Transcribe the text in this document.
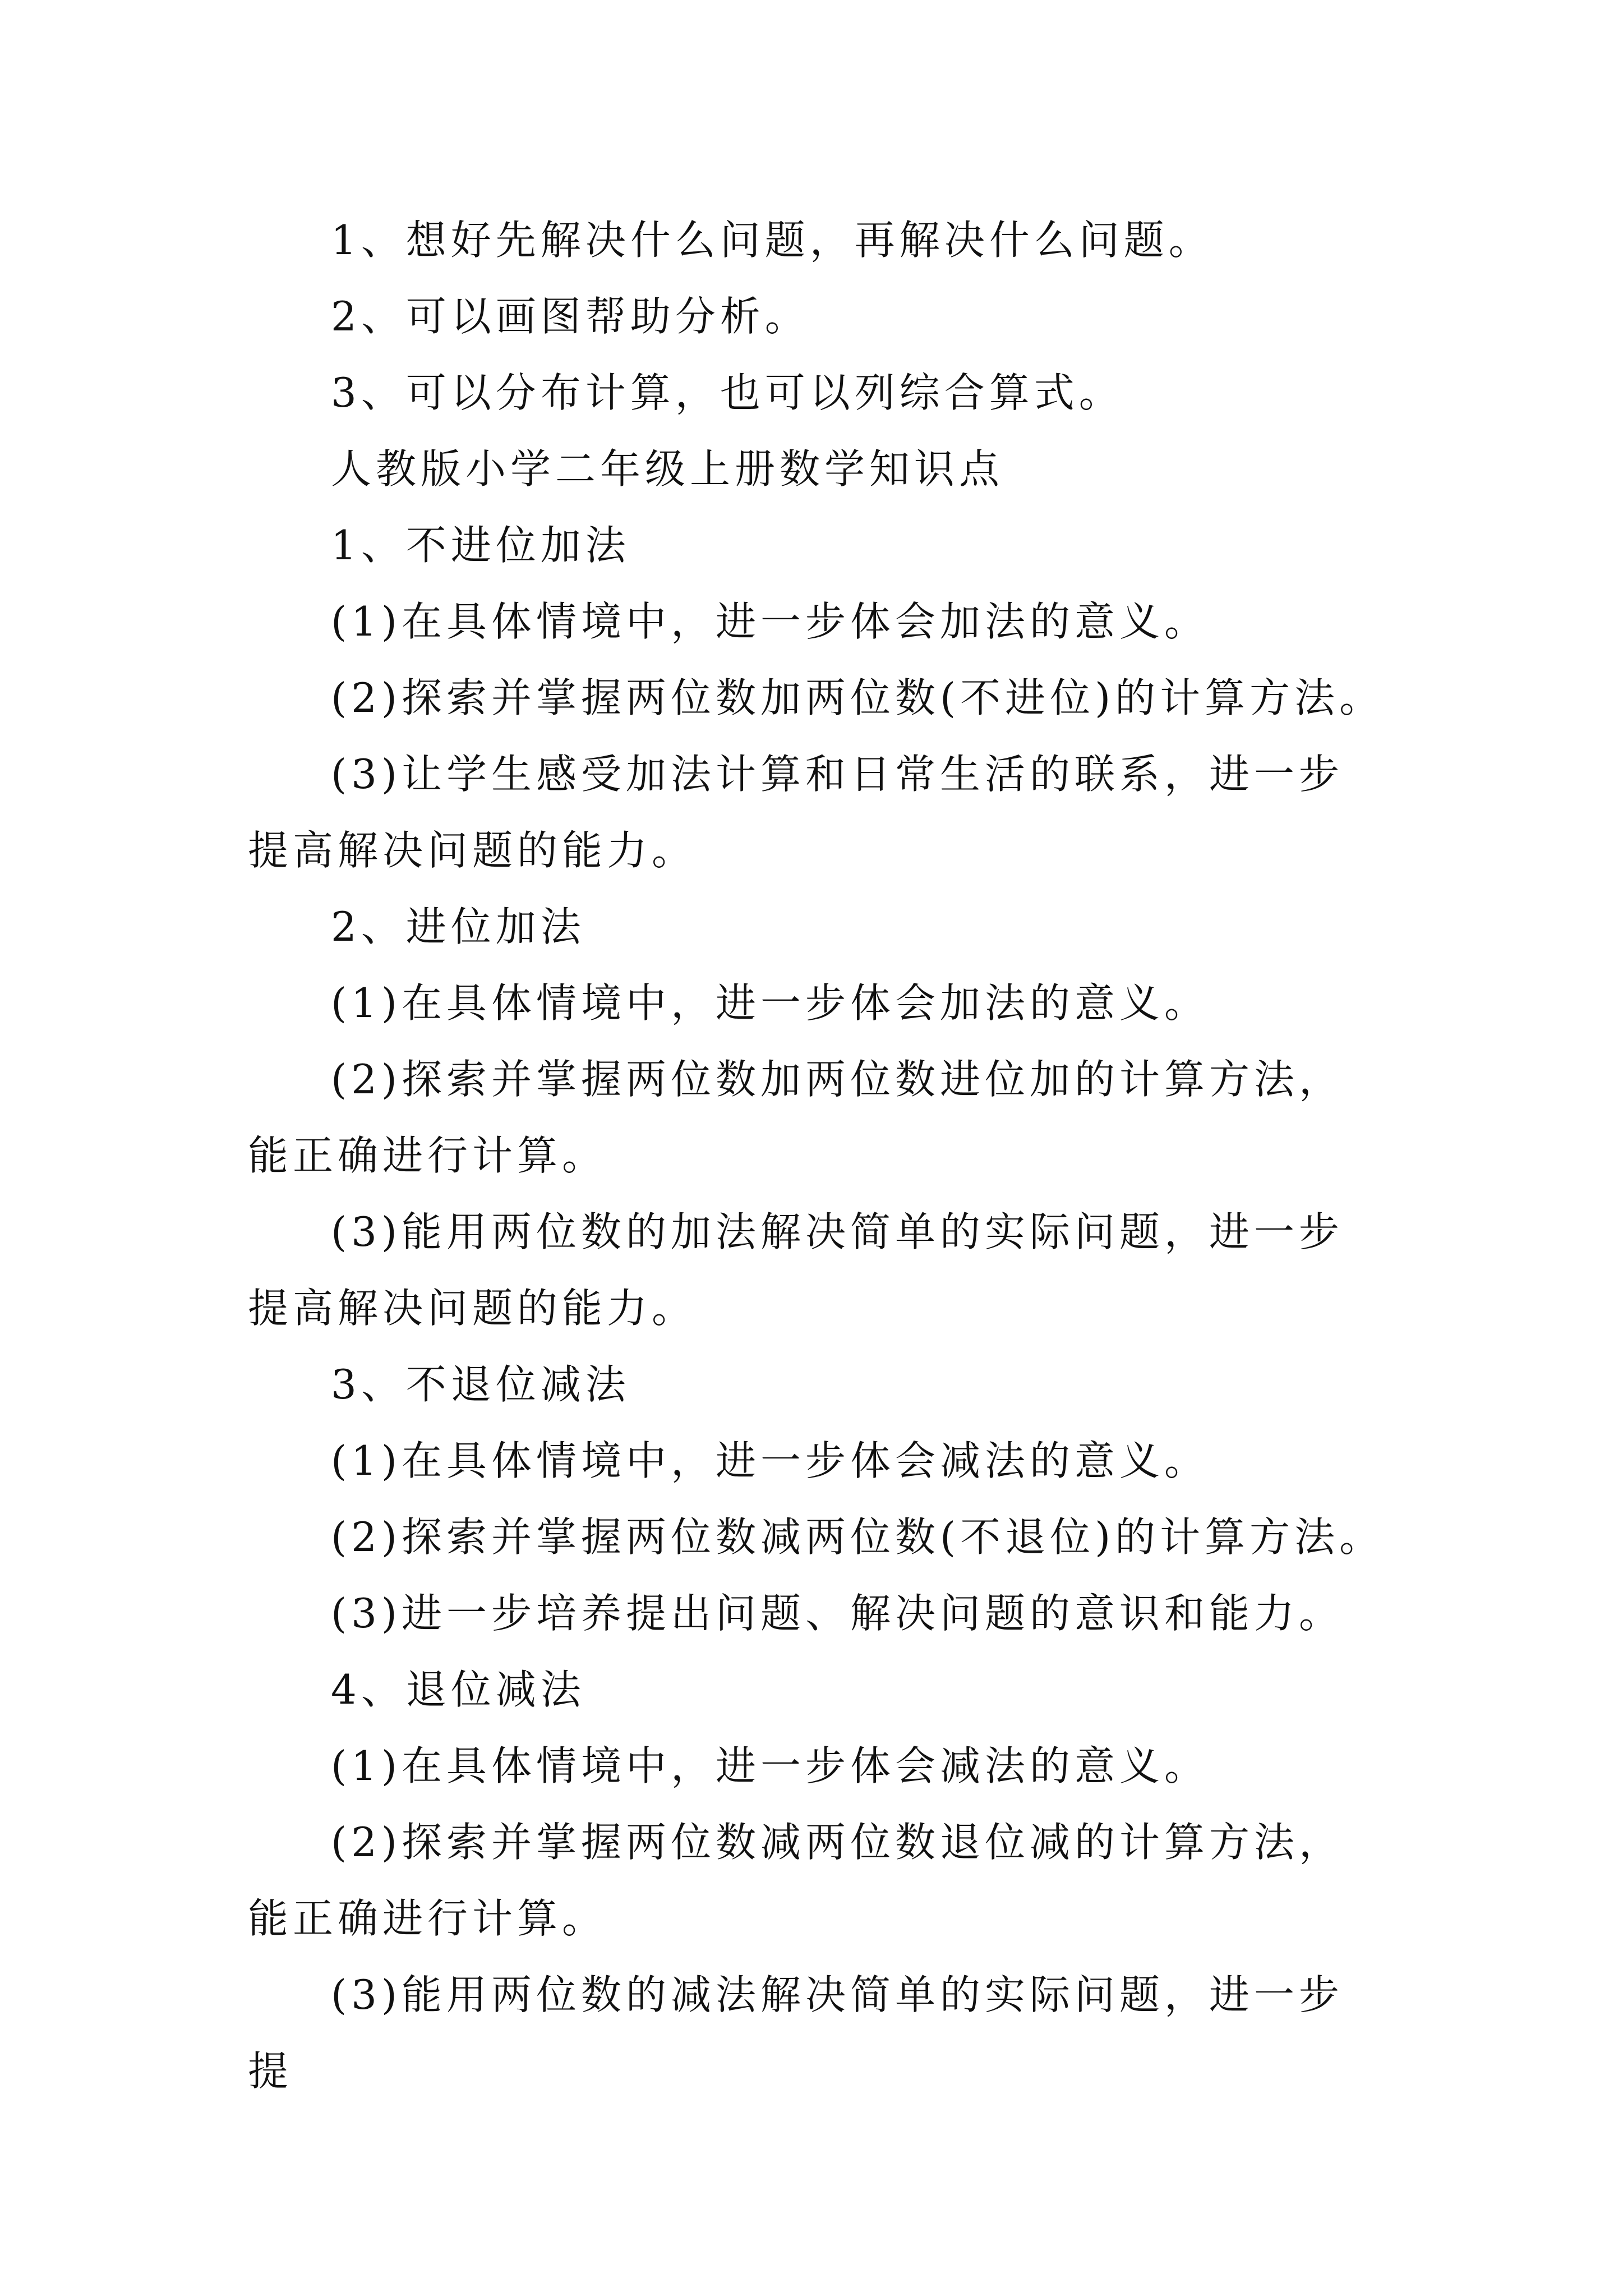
1、想好先解决什么问题，再解决什么问题。

2、可以画图帮助分析。

3、可以分布计算，也可以列综合算式。

人教版小学二年级上册数学知识点

1、不进位加法

(1)在具体情境中，进一步体会加法的意义。

(2)探索并掌握两位数加两位数(不进位)的计算方法。

(3)让学生感受加法计算和日常生活的联系，进一步提高解决问题的能力。

2、进位加法

(1)在具体情境中，进一步体会加法的意义。

(2)探索并掌握两位数加两位数进位加的计算方法，能正确进行计算。

(3)能用两位数的加法解决简单的实际问题，进一步提高解决问题的能力。

3、不退位减法

(1)在具体情境中，进一步体会减法的意义。

(2)探索并掌握两位数减两位数(不退位)的计算方法。

(3)进一步培养提出问题、解决问题的意识和能力。

4、退位减法

(1)在具体情境中，进一步体会减法的意义。

(2)探索并掌握两位数减两位数退位减的计算方法，能正确进行计算。

(3)能用两位数的减法解决简单的实际问题，进一步提
